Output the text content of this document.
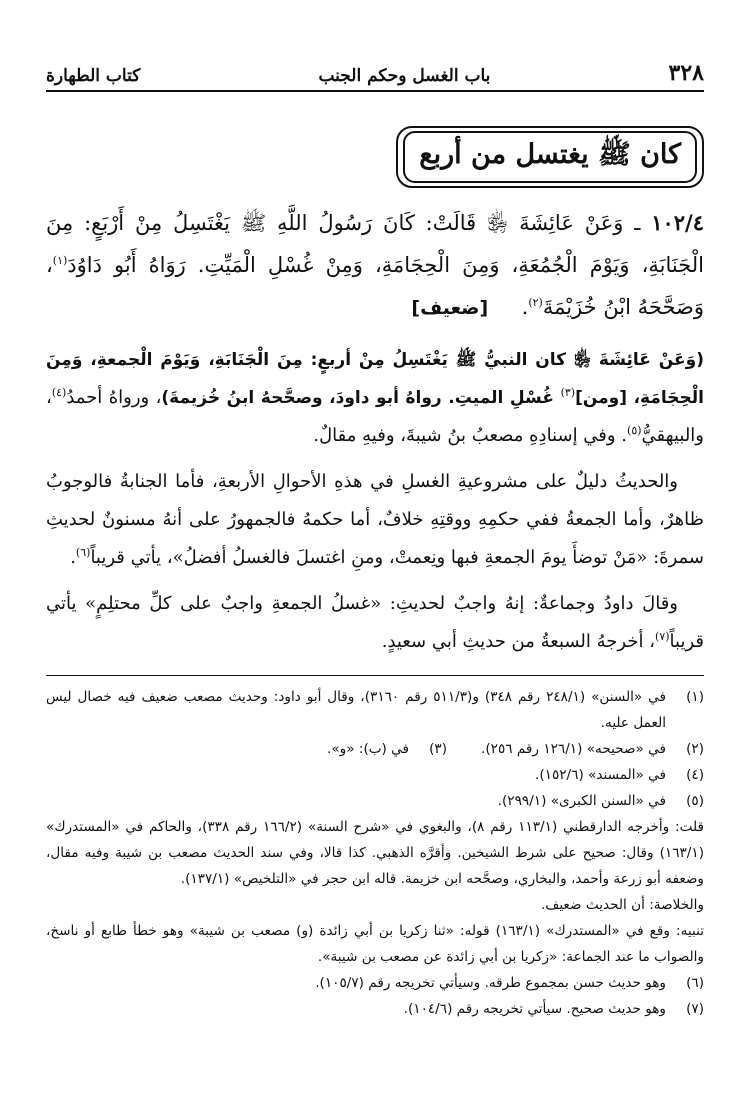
٣٢٨
باب الغسل وحكم الجنب
كتاب الطهارة
كان ﷺ يغتسل من أربع
١٠٢/٤ ـ وَعَنْ عَائِشَةَ ﵂ قَالَتْ: كَانَ رَسُولُ اللَّهِ ﷺ يَغْتَسِلُ مِنْ أَرْبَعٍ: مِنَ الْجَنَابَةِ، وَيَوْمَ الْجُمُعَةِ، وَمِنَ الْحِجَامَةِ، وَمِنْ غُسْلِ الْمَيِّتِ. رَوَاهُ أَبُو دَاوُدَ$^{(١)}$، وَصَحَّحَهُ ابْنُ خُزَيْمَةَ$^{(٢)}$.     [ضعيف]
(وَعَنْ عَائِشَةَ ﵂ كان النبيُّ ﷺ يَغْتَسِلُ مِنْ أربعٍ: مِنَ الْجَنَابَةِ، وَيَوْمَ الْجمعةِ، وَمِنَ الْحِجَامَةِ، [ومن]$^{(٣)}$ غُسْلِ الميتِ. رواهُ أبو داودَ، وصحَّحهُ ابنُ خُزيمةَ)، ورواهُ أحمدُ$^{(٤)}$، والبيهقيُّ$^{(٥)}$. وفي إسنادِهِ مصعبُ بنُ شيبةَ، وفيهِ مقالٌ.
والحديثُ دليلٌ على مشروعيةِ الغسلِ في هذهِ الأحوالِ الأربعةِ، فأما الجنابةُ فالوجوبُ ظاهرٌ، وأما الجمعةُ ففي حكمِهِ ووقتِهِ خلافٌ، أما حكمهُ فالجمهورُ على أنهُ مسنونٌ لحديثِ سمرةَ: «مَنْ توضأَ يومَ الجمعةِ فبها ونِعمتْ، ومنِ اغتسلَ فالغسلُ أفضلُ»، يأتي قريباً$^{(٦)}$.
وقالَ داودُ وجماعةٌ: إنهُ واجبٌ لحديثِ: «غسلُ الجمعةِ واجبٌ على كلِّ محتلِمٍ» يأتي قريباً$^{(٧)}$، أخرجهُ السبعةُ من حديثِ أبي سعيدٍ.
(١)
في «السنن» (٢٤٨/١ رقم ٣٤٨) و(٥١١/٣ رقم ٣١٦٠)، وقال أبو داود: وحديث مصعب ضعيف فيه خصال ليس العمل عليه.
(٢)
في «صحيحه» (١٢٦/١ رقم ٢٥٦).
(٣)
في (ب): «و».
(٤)
في «المسند» (١٥٢/٦).
(٥)
في «السنن الكبرى» (٢٩٩/١).
قلت: وأخرجه الدارقطني (١١٣/١ رقم ٨)، والبغوي في «شرح السنة» (١٦٦/٢ رقم ٣٣٨)، والحاكم في «المستدرك» (١٦٣/١) وقال: صحيح على شرط الشيخين. وأقرَّه الذهبي. كذا قالا، وفي سند الحديث مصعب بن شيبة وفيه مقال، وضعفه أبو زرعة وأحمد، والبخاري، وصحَّحه ابن خزيمة. قاله ابن حجر في «التلخيص» (١٣٧/١).
والخلاصة: أن الحديث ضعيف.
تنبيه: وقع في «المستدرك» (١٦٣/١) قوله: «ثنا زكريا بن أبي زائدة (و) مصعب بن شيبة» وهو خطأ طابع أو ناسخ، والصواب ما عند الجماعة: «زكريا بن أبي زائدة عن مصعب بن شيبة».
(٦)
وهو حديث حسن بمجموع طرقه. وسيأتي تخريجه رقم (١٠٥/٧).
(٧)
وهو حديث صحيح. سيأتي تخريجه رقم (١٠٤/٦).
